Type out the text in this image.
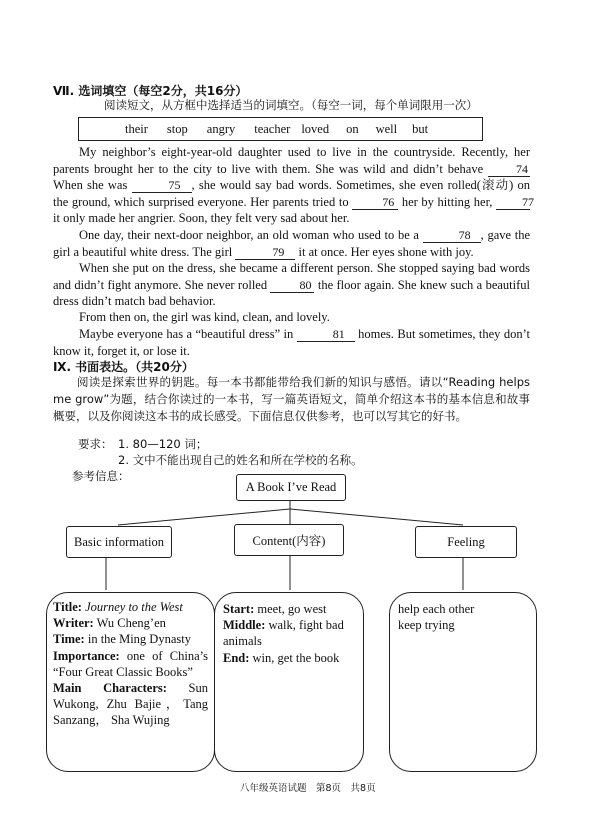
Ⅶ. 选词填空（每空2分，共16分）
阅读短文，从方框中选择适当的词填空。（每空一词，每个单词限用一次）
their stop angry teacher loved on well but
My neighbor’s eight-year-old daughter used to live in the countryside. Recently, her parents brought her to the city to live with them. She was wild and didn’t behave 74 When she was	75 , she would say bad words. Sometimes, she even rolled(滚动) on the ground, which surprised everyone. Her parents tried to	76 her by hitting her, 77 it only made her angrier. Soon, they felt very sad about her.
One day, their next-door neighbor, an old woman who used to be a	78 , gave the girl a beautiful white dress. The girl	79 it at once. Her eyes shone with joy.
When she put on the dress, she became a different person. She stopped saying bad words and didn’t fight anymore. She never rolled 80 the floor again. She knew such a beautiful dress didn’t match bad behavior.
From then on, the girl was kind, clean, and lovely.
Maybe everyone has a “beautiful dress” in	81 homes. But sometimes, they don’t know it, forget it, or lose it.
Ⅸ. 书面表达。（共20分）
阅读是探索世界的钥匙。每一本书都能带给我们新的知识与感悟。请以“Reading helps me grow”为题，结合你读过的一本书，写一篇英语短文，简单介绍这本书的基本信息和故事概要，以及你阅读这本书的成长感受。下面信息仅供参考，也可以写其它的好书。
要求： 1. 80—120 词；
2. 文中不能出现自己的姓名和所在学校的名称。
参考信息：
A Book I’ve Read
Basic information	Content(内容)	Feeling
Title: Journey to the West
Writer: Wu Cheng’en
Time: in the Ming Dynasty
Importance: one of China’s “Four Great Classic Books”
Main Characters: Sun Wukong, Zhu Bajie，Tang Sanzang， Sha Wujing
Start: meet, go west
Middle: walk, fight bad animals
End: win, get the book
help each other
keep trying
八年级英语试题　第8页　共8页
